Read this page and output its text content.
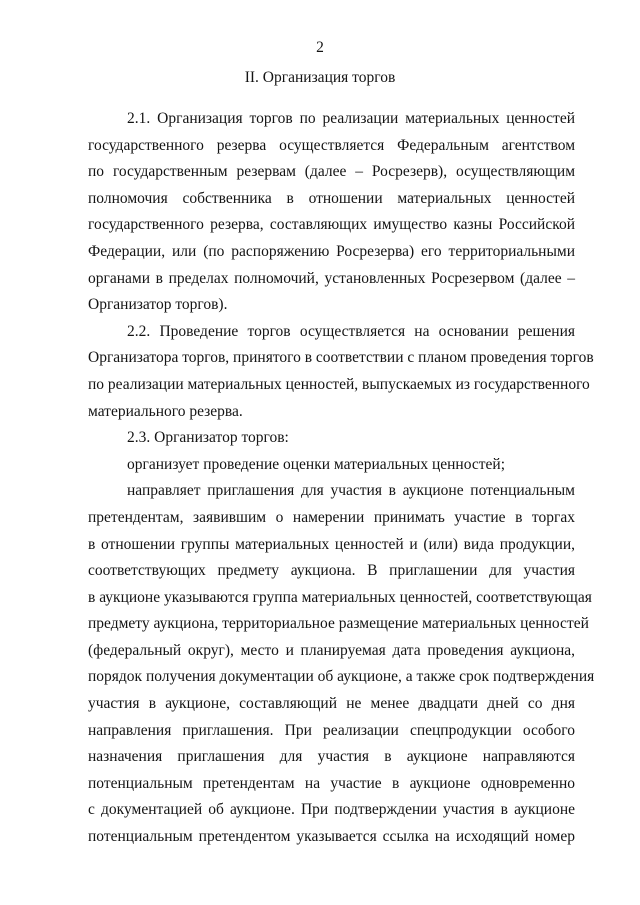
2
II. Организация торгов
2.1. Организация торгов по реализации материальных ценностей
государственного резерва осуществляется Федеральным агентством
по государственным резервам (далее – Росрезерв), осуществляющим
полномочия собственника в отношении материальных ценностей
государственного резерва, составляющих имущество казны Российской
Федерации, или (по распоряжению Росрезерва) его территориальными
органами в пределах полномочий, установленных Росрезервом (далее –
Организатор торгов).
2.2. Проведение торгов осуществляется на основании решения
Организатора торгов, принятого в соответствии с планом проведения торгов
по реализации материальных ценностей, выпускаемых из государственного
материального резерва.
2.3. Организатор торгов:
организует проведение оценки материальных ценностей;
направляет приглашения для участия в аукционе потенциальным
претендентам, заявившим о намерении принимать участие в торгах
в отношении группы материальных ценностей и (или) вида продукции,
соответствующих предмету аукциона. В приглашении для участия
в аукционе указываются группа материальных ценностей, соответствующая
предмету аукциона, территориальное размещение материальных ценностей
(федеральный округ), место и планируемая дата проведения аукциона,
порядок получения документации об аукционе, а также срок подтверждения
участия в аукционе, составляющий не менее двадцати дней со дня
направления приглашения. При реализации спецпродукции особого
назначения приглашения для участия в аукционе направляются
потенциальным претендентам на участие в аукционе одновременно
с документацией об аукционе. При подтверждении участия в аукционе
потенциальным претендентом указывается ссылка на исходящий номер
